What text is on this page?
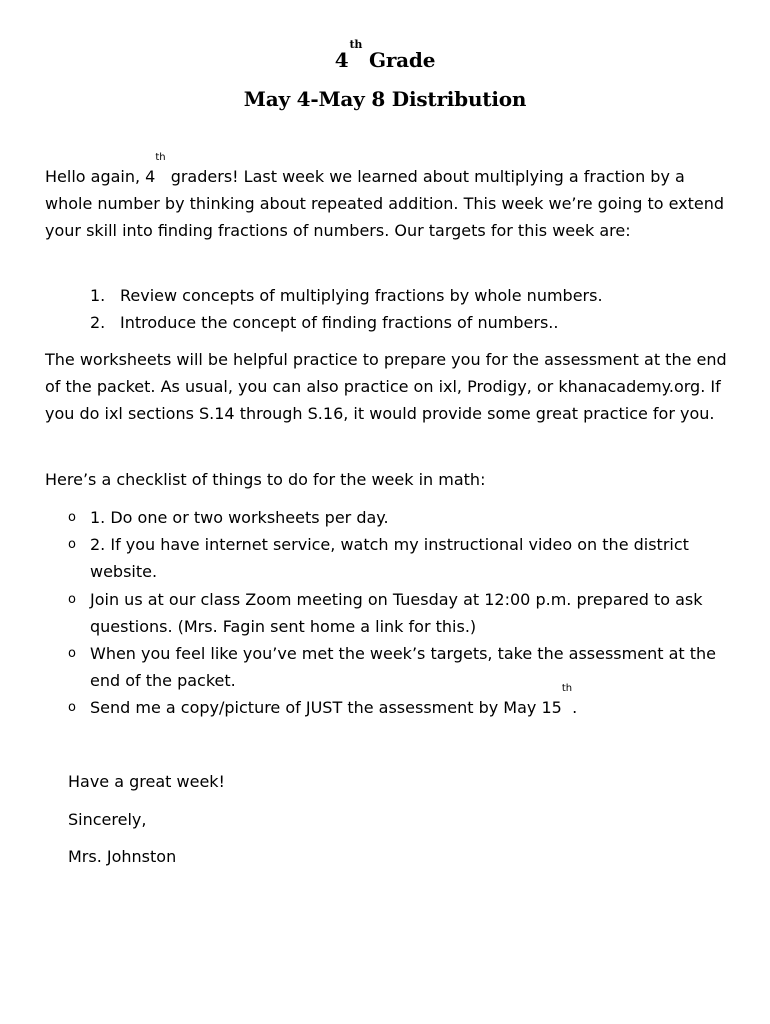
4th Grade
May 4-May 8 Distribution

Hello again, 4th graders! Last week we learned about multiplying a fraction by a whole number by thinking about repeated addition. This week we’re going to extend your skill into finding fractions of numbers. Our targets for this week are:

1. Review concepts of multiplying fractions by whole numbers.
2. Introduce the concept of finding fractions of numbers..
The worksheets will be helpful practice to prepare you for the assessment at the end of the packet. As usual, you can also practice on ixl, Prodigy, or khanacademy.org. If you do ixl sections S.14 through S.16, it would provide some great practice for you.
Here’s a checklist of things to do for the week in math:
o 1. Do one or two worksheets per day.
o 2. If you have internet service, watch my instructional video on the district website.
o Join us at our class Zoom meeting on Tuesday at 12:00 p.m. prepared to ask questions. (Mrs. Fagin sent home a link for this.)
o When you feel like you’ve met the week’s targets, take the assessment at the end of the packet.
o Send me a copy/picture of JUST the assessment by May 15th.
Have a great week!
Sincerely,
Mrs. Johnston
